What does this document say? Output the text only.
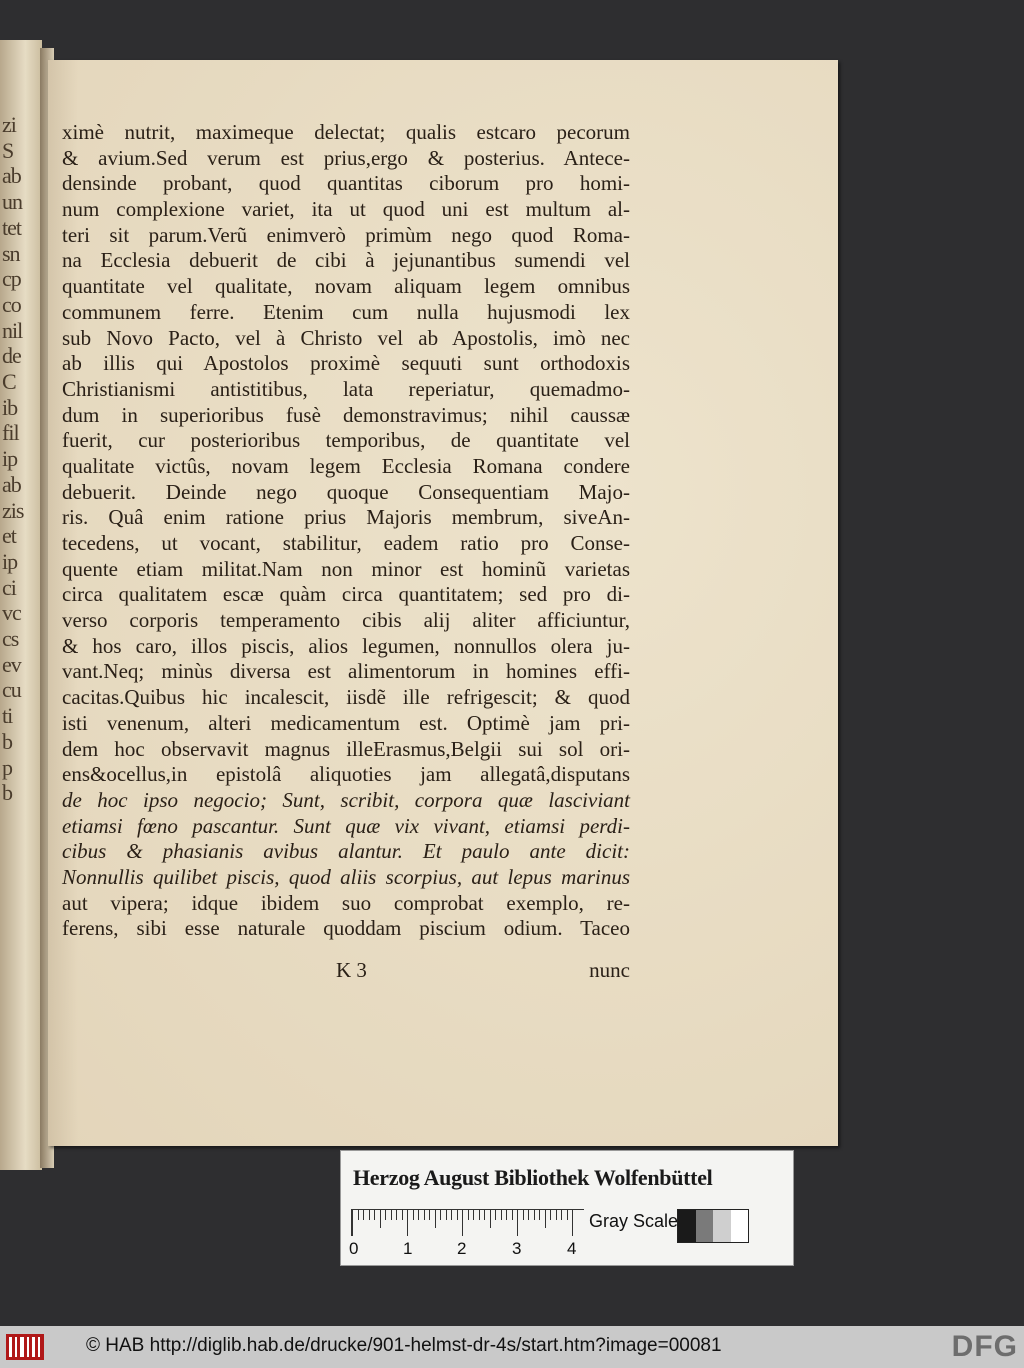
zi
S
ab
un
tet
sn
cp
co
nil
de
C
ib
fil
ip
ab
zis
et
ip
ci
vc
cs
ev
cu
ti
b
p
b
ximè nutrit, maximeque delectat; qualis estcaro pecorum
& avium.Sed verum est prius,ergo & posterius. Antece-
densinde probant, quod quantitas ciborum pro homi-
num complexione variet, ita ut quod uni est multum al-
teri sit parum.Verũ enimverò primùm nego quod Roma-
na Ecclesia debuerit de cibi à jejunantibus sumendi vel
quantitate vel qualitate, novam aliquam legem omnibus
communem ferre. Etenim cum nulla hujusmodi lex
sub Novo Pacto, vel à Christo vel ab Apostolis, imò nec
ab illis qui Apostolos proximè sequuti sunt orthodoxis
Christianismi antistitibus, lata reperiatur, quemadmo-
dum in superioribus fusè demonstravimus; nihil caussæ
fuerit, cur posterioribus temporibus, de quantitate vel
qualitate victûs, novam legem Ecclesia Romana condere
debuerit. Deinde nego quoque Consequentiam Majo-
ris. Quâ enim ratione prius Majoris membrum, siveAn-
tecedens, ut vocant, stabilitur, eadem ratio pro Conse-
quente etiam militat.Nam non minor est hominũ varietas
circa qualitatem escæ quàm circa quantitatem; sed pro di-
verso corporis temperamento cibis alij aliter afficiuntur,
& hos caro, illos piscis, alios legumen, nonnullos olera ju-
vant.Neq; minùs diversa est alimentorum in homines effi-
cacitas.Quibus hic incalescit, iisdẽ ille refrigescit; & quod
isti venenum, alteri medicamentum est. Optimè jam pri-
dem hoc observavit magnus illeErasmus,Belgii sui sol ori-
ens&ocellus,in epistolâ aliquoties jam allegatâ,disputans
de hoc ipso negocio; Sunt, scribit, corpora quæ lasciviant
etiamsi fœno pascantur. Sunt quæ vix vivant, etiamsi perdi-
cibus & phasianis avibus alantur. Et paulo ante dicit:
Nonnullis quilibet piscis, quod aliis scorpius, aut lepus marinus
aut vipera; idque ibidem suo comprobat exemplo, re-
ferens, sibi esse naturale quoddam piscium odium. Taceo
K 3	nunc
Herzog August Bibliothek Wolfenbüttel
0	1	2	3	4
Gray Scale
© HAB http://diglib.hab.de/drucke/901-helmst-dr-4s/start.htm?image=00081	DFG
